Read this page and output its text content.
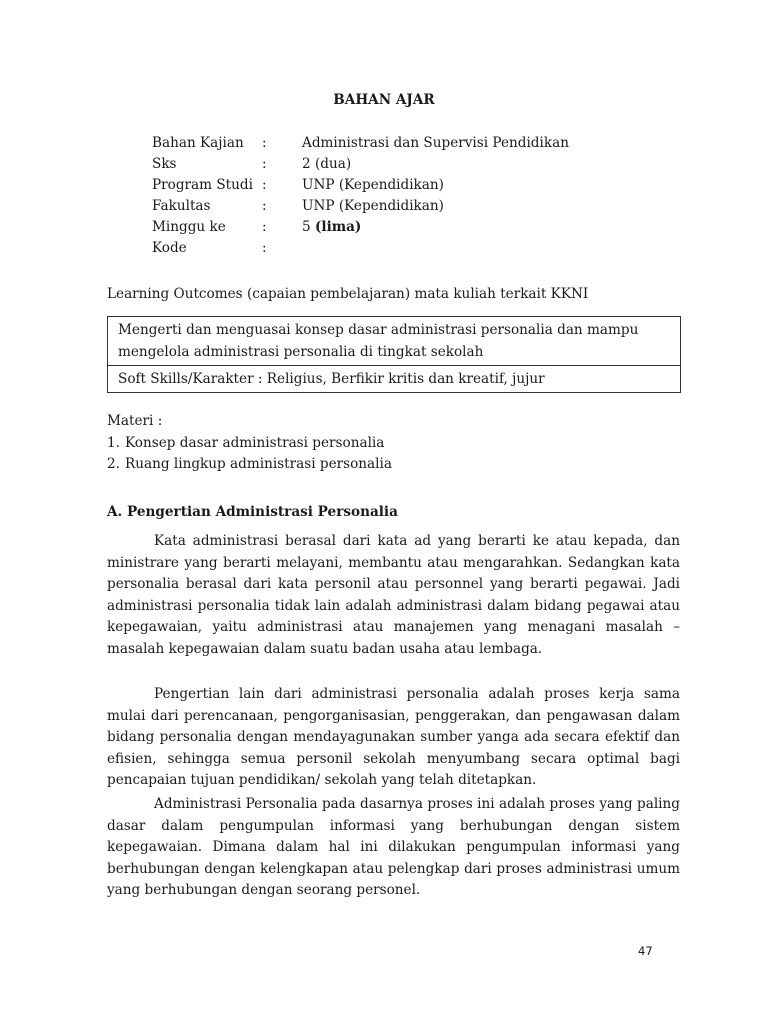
BAHAN AJAR
Bahan Kajian :	Administrasi dan Supervisi Pendidikan
Sks	:	2 (dua)
Program Studi :	UNP (Kependidikan)
Fakultas	:	UNP (Kependidikan)
Minggu ke	:	5 (lima)
Kode	:
Learning Outcomes (capaian pembelajaran) mata kuliah terkait KKNI
Mengerti dan menguasai konsep dasar administrasi personalia dan mampu mengelola administrasi personalia di tingkat sekolah
Soft Skills/Karakter : Religius, Berfikir kritis dan kreatif, jujur
Materi :
1. Konsep dasar administrasi personalia
2. Ruang lingkup administrasi personalia
A. Pengertian Administrasi Personalia

Kata administrasi berasal dari kata ad yang berarti ke atau kepada, dan ministrare yang berarti melayani, membantu atau mengarahkan. Sedangkan kata personalia berasal dari kata personil atau personnel yang berarti pegawai. Jadi administrasi personalia tidak lain adalah administrasi dalam bidang pegawai atau kepegawaian, yaitu administrasi atau manajemen yang menagani masalah –masalah kepegawaian dalam suatu badan usaha atau lembaga.

Pengertian lain dari administrasi personalia adalah proses kerja sama mulai dari perencanaan, pengorganisasian, penggerakan, dan pengawasan dalam bidang personalia dengan mendayagunakan sumber yanga ada secara efektif dan efisien, sehingga semua personil sekolah menyumbang secara optimal bagi pencapaian tujuan pendidikan/ sekolah yang telah ditetapkan.

Administrasi Personalia pada dasarnya proses ini adalah proses yang paling dasar dalam pengumpulan informasi yang berhubungan dengan sistem kepegawaian. Dimana dalam hal ini dilakukan pengumpulan informasi yang berhubungan dengan kelengkapan atau pelengkap dari proses administrasi umum yang berhubungan dengan seorang personel.

47
